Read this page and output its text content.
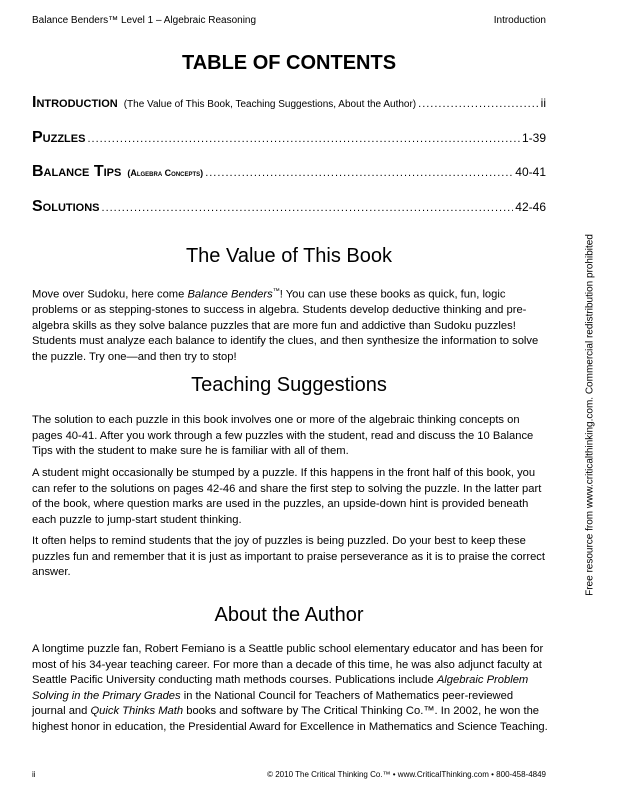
Balance Benders™ Level 1 – Algebraic Reasoning	Introduction
TABLE OF CONTENTS
Introduction (The Value of This Book, Teaching Suggestions, About the Author) .....	ii
Puzzles .....	1-39
Balance Tips (Algebra Concepts) .....	40-41
Solutions .....	42-46
The Value of This Book
Move over Sudoku, here come Balance Benders™! You can use these books as quick, fun, logic problems or as stepping-stones to success in algebra. Students develop deductive thinking and pre-algebra skills as they solve balance puzzles that are more fun and addictive than Sudoku puzzles! Students must analyze each balance to identify the clues, and then synthesize the information to solve the puzzle. Try one—and then try to stop!
Teaching Suggestions
The solution to each puzzle in this book involves one or more of the algebraic thinking concepts on pages 40-41. After you work through a few puzzles with the student, read and discuss the 10 Balance Tips with the student to make sure he is familiar with all of them.
A student might occasionally be stumped by a puzzle. If this happens in the front half of this book, you can refer to the solutions on pages 42-46 and share the first step to solving the puzzle. In the latter part of the book, where question marks are used in the puzzles, an upside-down hint is provided beneath each puzzle to jump-start student thinking.
It often helps to remind students that the joy of puzzles is being puzzled. Do your best to keep these puzzles fun and remember that it is just as important to praise perseverance as it is to praise the correct answer.
About the Author
A longtime puzzle fan, Robert Femiano is a Seattle public school elementary educator and has been for most of his 34-year teaching career. For more than a decade of this time, he was also adjunct faculty at Seattle Pacific University conducting math methods courses. Publications include Algebraic Problem Solving in the Primary Grades in the National Council for Teachers of Mathematics peer-reviewed journal and Quick Thinks Math books and software by The Critical Thinking Co.™. In 2002, he won the highest honor in education, the Presidential Award for Excellence in Mathematics and Science Teaching.
ii	© 2010 The Critical Thinking Co.™ • www.CriticalThinking.com • 800-458-4849
Free resource from www.criticalthinking.com. Commercial redistribution prohibited
